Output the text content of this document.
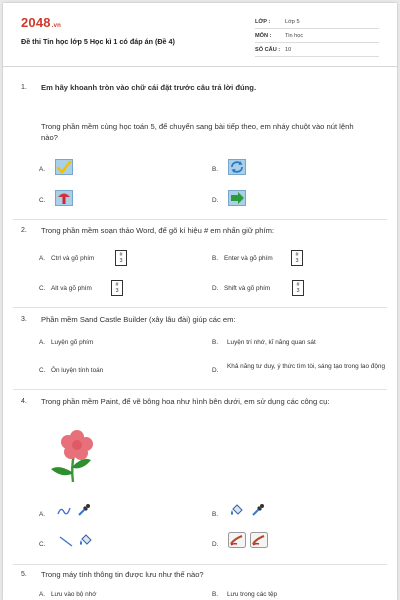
2048.vn
Đề thi Tin học lớp 5 Học kì 1 có đáp án (Đề 4)
LỚP :	Lớp 5
MÔN : Tin học
SỐ CÂU : 10
1. Em hãy khoanh tròn vào chữ cái đặt trước câu trả lời đúng.
Trong phần mềm cùng học toán 5, để chuyển sang bài tiếp theo, em nháy chuột vào nút lệnh nào?
A.	B.
C.	D.
2. Trong phần mềm soạn thảo Word, để gõ kí hiệu # em nhấn giữ phím:
A. Ctrl và gõ phím	#
3	B. Enter và gõ phím	#
3
C. Alt và gõ phím	#
3	D. Shift và gõ phím	#
3
3. Phần mềm Sand Castle Builder (xây lâu đài) giúp các em:
A. Luyện gõ phím	B. Luyện trí nhớ, kĩ năng quan sát
C. Ôn luyện tính toán	D.
Khả năng tư duy, ý thức tìm tòi, sáng tạo trong lao động
4. Trong phần mềm Paint, để vẽ bông hoa như hình bên dưới, em sử dụng các công cụ:
A.	B.
C.	D.
5. Trong máy tính thông tin được lưu như thế nào?
A. Lưu vào bộ nhớ	B. Lưu trong các tệp
